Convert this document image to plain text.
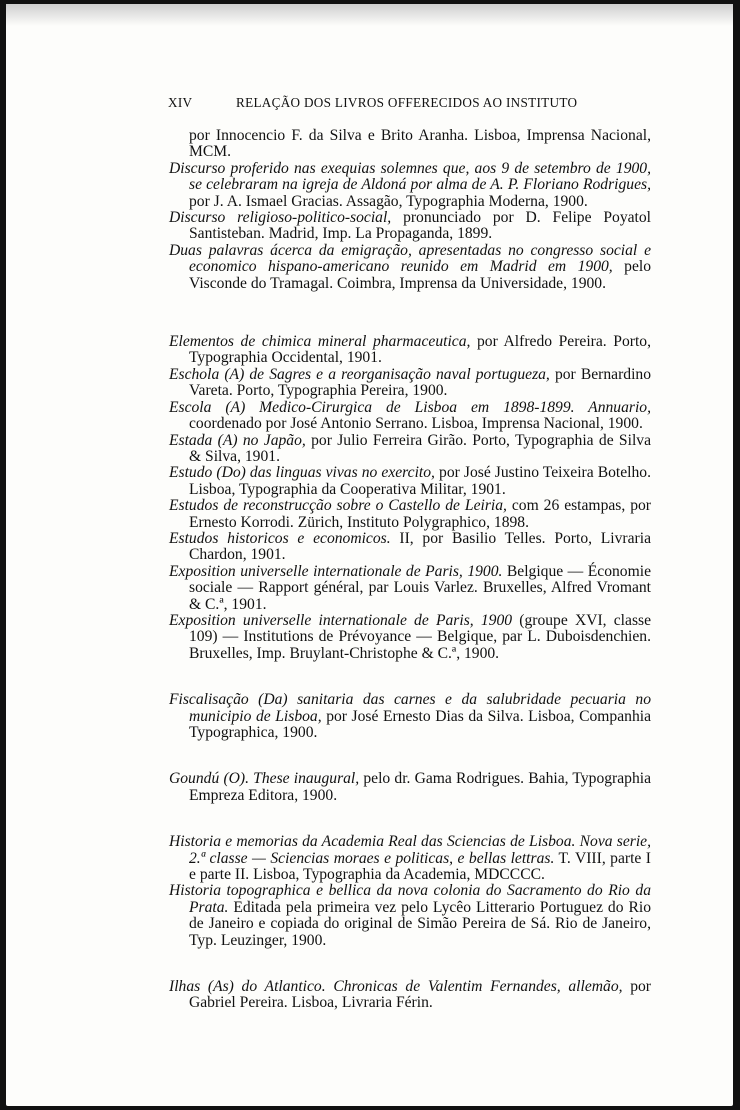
XIV	RELAÇÃO DOS LIVROS OFFERECIDOS AO INSTITUTO

por Innocencio F. da Silva e Brito Aranha. Lisboa, Imprensa Nacional, MCM.

Discurso proferido nas exequias solemnes que, aos 9 de setembro de 1900, se celebraram na igreja de Aldoná por alma de A. P. Floriano Rodrigues, por J. A. Ismael Gracias. Assagão, Typographia Moderna, 1900.

Discurso religioso-politico-social, pronunciado por D. Felipe Poyatol Santisteban. Madrid, Imp. La Propaganda, 1899.

Duas palavras ácerca da emigração, apresentadas no congresso social e economico hispano-americano reunido em Madrid em 1900, pelo Visconde do Tramagal. Coimbra, Imprensa da Universidade, 1900.

Elementos de chimica mineral pharmaceutica, por Alfredo Pereira. Porto, Typographia Occidental, 1901.

Eschola (A) de Sagres e a reorganisação naval portugueza, por Bernardino Vareta. Porto, Typographia Pereira, 1900.

Escola (A) Medico-Cirurgica de Lisboa em 1898-1899. Annuario, coordenado por José Antonio Serrano. Lisboa, Imprensa Nacional, 1900.

Estada (A) no Japão, por Julio Ferreira Girão. Porto, Typographia de Silva & Silva, 1901.

Estudo (Do) das linguas vivas no exercito, por José Justino Teixeira Botelho. Lisboa, Typographia da Cooperativa Militar, 1901.

Estudos de reconstrucção sobre o Castello de Leiria, com 26 estampas, por Ernesto Korrodi. Zürich, Instituto Polygraphico, 1898.

Estudos historicos e economicos. II, por Basilio Telles. Porto, Livraria Chardon, 1901.

Exposition universelle internationale de Paris, 1900. Belgique — Économie sociale — Rapport général, par Louis Varlez. Bruxelles, Alfred Vromant & C.ª, 1901.

Exposition universelle internationale de Paris, 1900 (groupe XVI, classe 109) — Institutions de Prévoyance — Belgique, par L. Duboisdenchien. Bruxelles, Imp. Bruylant-Christophe & C.ª, 1900.

Fiscalisação (Da) sanitaria das carnes e da salubridade pecuaria no municipio de Lisboa, por José Ernesto Dias da Silva. Lisboa, Companhia Typographica, 1900.

Goundú (O). These inaugural, pelo dr. Gama Rodrigues. Bahia, Typographia Empreza Editora, 1900.

Historia e memorias da Academia Real das Sciencias de Lisboa. Nova serie, 2.ª classe — Sciencias moraes e politicas, e bellas lettras. T. VIII, parte I e parte II. Lisboa, Typographia da Academia, MDCCCC.

Historia topographica e bellica da nova colonia do Sacramento do Rio da Prata. Editada pela primeira vez pelo Lycêo Litterario Portuguez do Rio de Janeiro e copiada do original de Simão Pereira de Sá. Rio de Janeiro, Typ. Leuzinger, 1900.

Ilhas (As) do Atlantico. Chronicas de Valentim Fernandes, allemão, por Gabriel Pereira. Lisboa, Livraria Férin.
